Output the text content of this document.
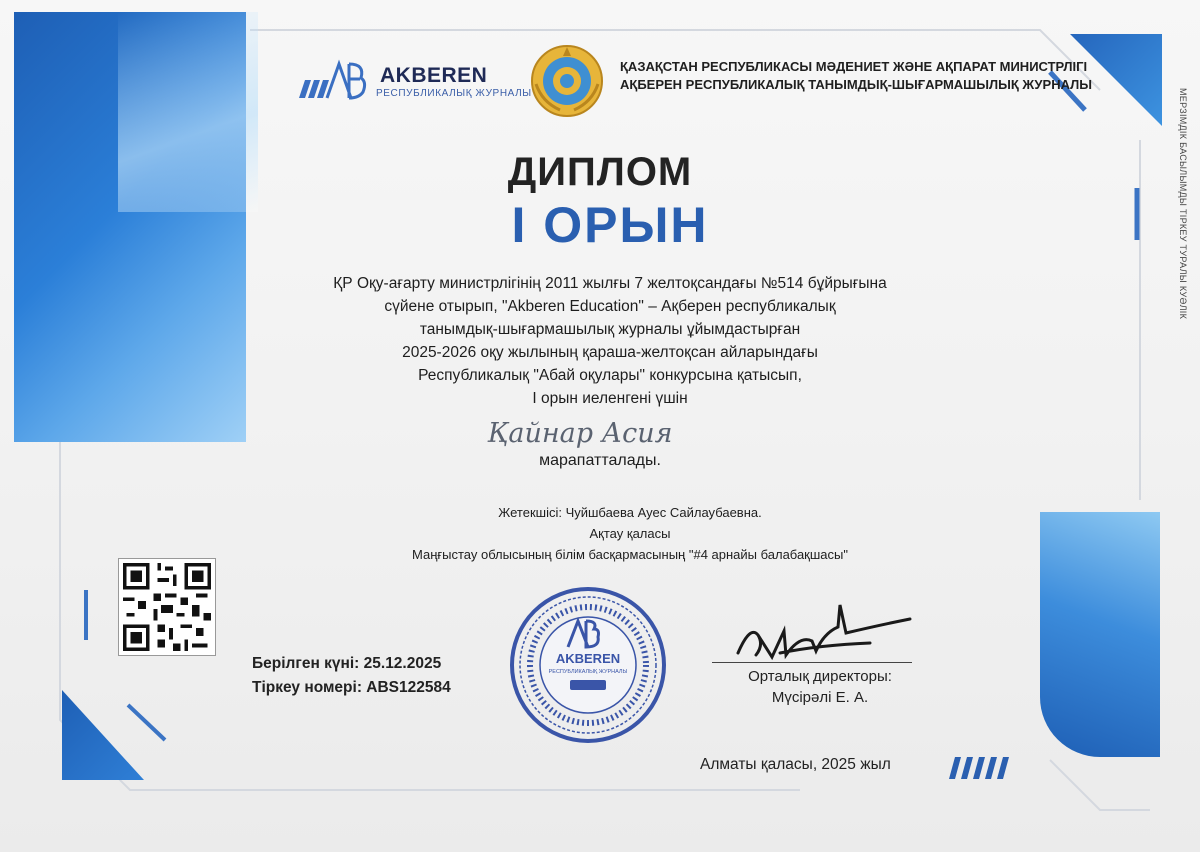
AKBEREN
РЕСПУБЛИКАЛЫҚ ЖУРНАЛЫ
ҚАЗАҚСТАН РЕСПУБЛИКАСЫ МӘДЕНИЕТ ЖӘНЕ АҚПАРАТ МИНИСТРЛІГІ
АҚБЕРЕН РЕСПУБЛИКАЛЫҚ ТАНЫМДЫҚ-ШЫҒАРМАШЫЛЫҚ ЖУРНАЛЫ
ДИПЛОМ
І ОРЫН
ҚР Оқу-ағарту министрлігінің 2011 жылғы 7 желтоқсандағы №514 бұйрығына
сүйене отырып, "Akberen Education" – Ақберен республикалық
танымдық-шығармашылық журналы ұйымдастырған
2025-2026 оқу жылының қараша-желтоқсан айларындағы
Республикалық "Абай оқулары" конкурсына қатысып,
І орын иеленгені үшін
Қайнар Асия
марапатталады.
Жетекшісі: Чуйшбаева Ауес Сайлаубаевна.
Ақтау қаласы
Маңғыстау облысының білім басқармасының "#4 арнайы балабақшасы"
Берілген күні: 25.12.2025
Тіркеу номері: ABS122584
AKBEREN
РЕСПУБЛИКАЛЫҚ ЖУРНАЛЫ	Орталық директоры:
Мүсірәлі Е. А.
Алматы қаласы, 2025 жыл
МЕРЗІМДІК БАСЫЛЫМДЫ ТІРКЕУ ТУРАЛЫ КУӘЛІК
